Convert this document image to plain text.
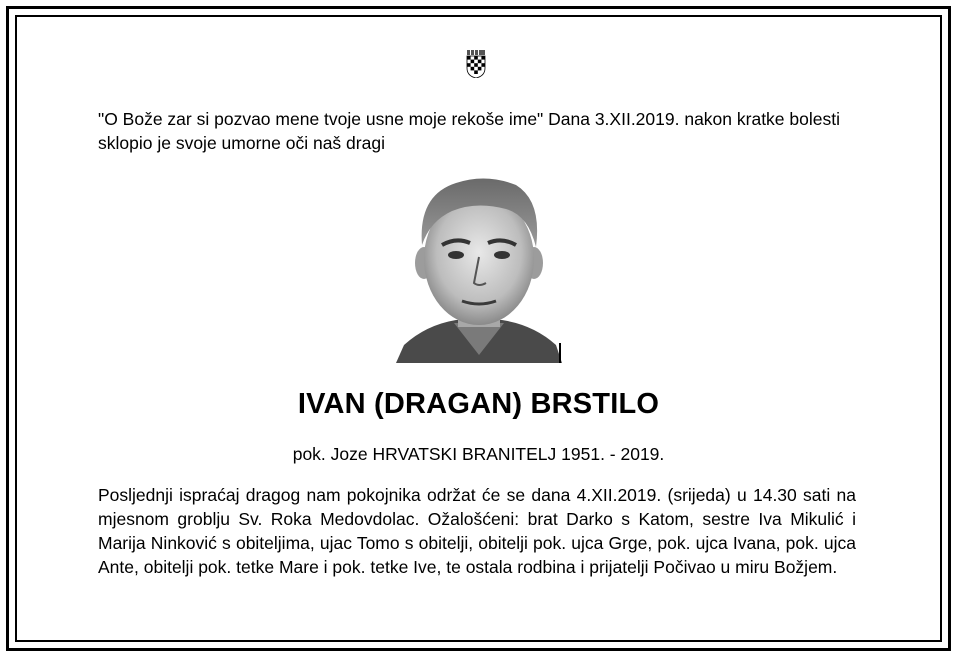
"O Bože zar si pozvao mene tvoje usne moje rekoše ime" Dana 3.XII.2019. nakon kratke bolesti sklopio je svoje umorne oči naš dragi
IVAN (DRAGAN) BRSTILO
pok. Joze HRVATSKI BRANITELJ 1951. - 2019.
Posljednji ispraćaj dragog nam pokojnika održat će se dana 4.XII.2019. (srijeda) u 14.30 sati na mjesnom groblju Sv. Roka Medovdolac. Ožalošćeni: brat Darko s Katom, sestre Iva Mikulić i Marija Ninković s obiteljima, ujac Tomo s obitelji, obitelji pok. ujca Grge, pok. ujca Ivana, pok. ujca Ante, obitelji pok. tetke Mare i pok. tetke Ive, te ostala rodbina i prijatelji Počivao u miru Božjem.
